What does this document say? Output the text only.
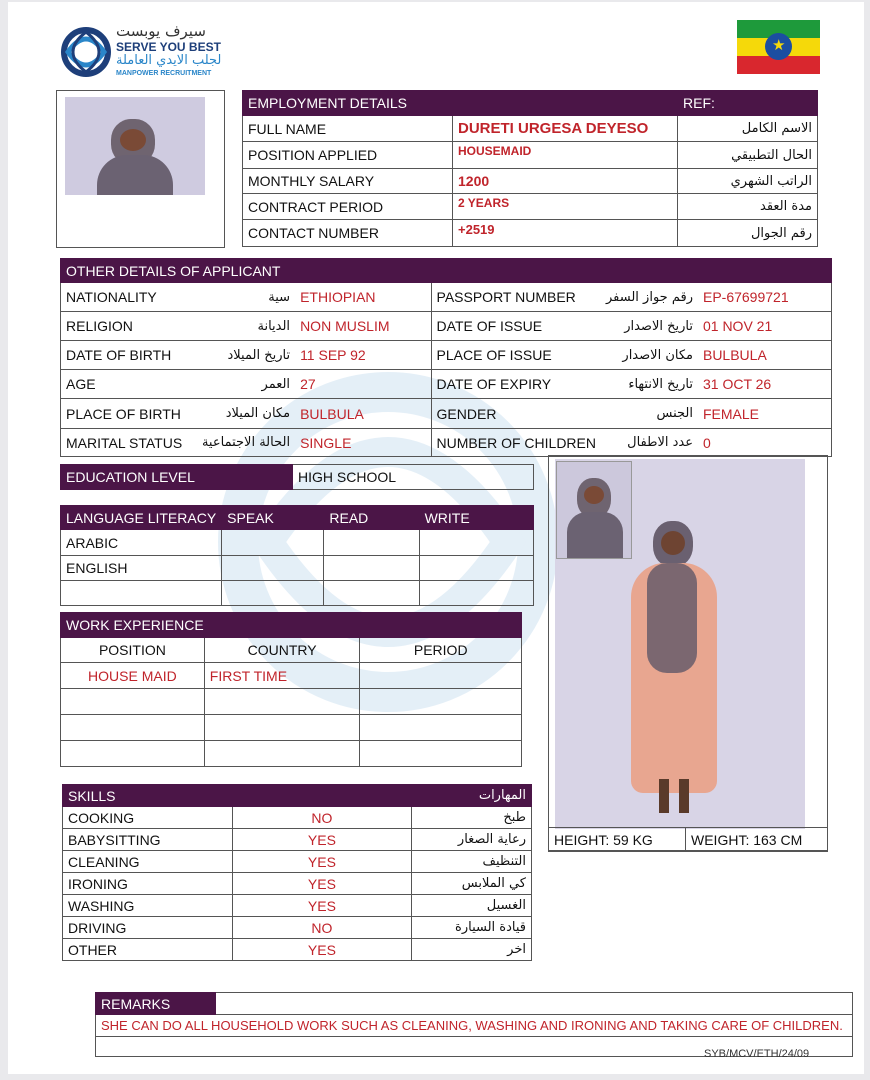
سيرف يوبست
SERVE YOU BEST
لجلب الايدي العاملة
MANPOWER RECRUITMENT
★
EMPLOYMENT DETAILS		REF:
FULL NAME	DURETI URGESA DEYESO	الاسم الكامل
POSITION APPLIED	HOUSEMAID	الحال التطبيقي
MONTHLY SALARY	1200	الراتب الشهري
CONTRACT PERIOD	2 YEARS	مدة العقد
CONTACT NUMBER	+2519	رقم الجوال
OTHER DETAILS OF APPLICANT					
NATIONALITY	سية	ETHIOPIAN	PASSPORT NUMBER	رقم جواز السفر	EP-67699721
RELIGION	الديانة	NON MUSLIM	DATE OF ISSUE	تاريخ الاصدار	01 NOV 21
DATE OF BIRTH	تاريخ الميلاد	11 SEP 92	PLACE OF ISSUE	مكان الاصدار	BULBULA
AGE	العمر	27	DATE OF EXPIRY	تاريخ الانتهاء	31 OCT 26
PLACE OF BIRTH	مكان الميلاد	BULBULA	GENDER	الجنس	FEMALE
MARITAL STATUS	الحالة الاجتماعية	SINGLE	NUMBER OF CHILDREN	عدد الاطفال	0
EDUCATION LEVEL	HIGH SCHOOL
LANGUAGE LITERACY	SPEAK	READ	WRITE
ARABIC			
ENGLISH			

WORK EXPERIENCE		
POSITION	COUNTRY	PERIOD
HOUSE MAID	FIRST TIME	

SKILLS		المهارات
COOKING	NO	طبخ
BABYSITTING	YES	رعاية الصغار
CLEANING	YES	التنظيف
IRONING	YES	كي الملابس
WASHING	YES	الغسيل
DRIVING	NO	قيادة السيارة
OTHER	YES	اخر
HEIGHT: 59 KG	WEIGHT: 163 CM
REMARKS	
SHE CAN DO ALL HOUSEHOLD WORK SUCH AS CLEANING, WASHING AND IRONING AND TAKING CARE OF CHILDREN.

SYB/MCV/ETH/24/09
